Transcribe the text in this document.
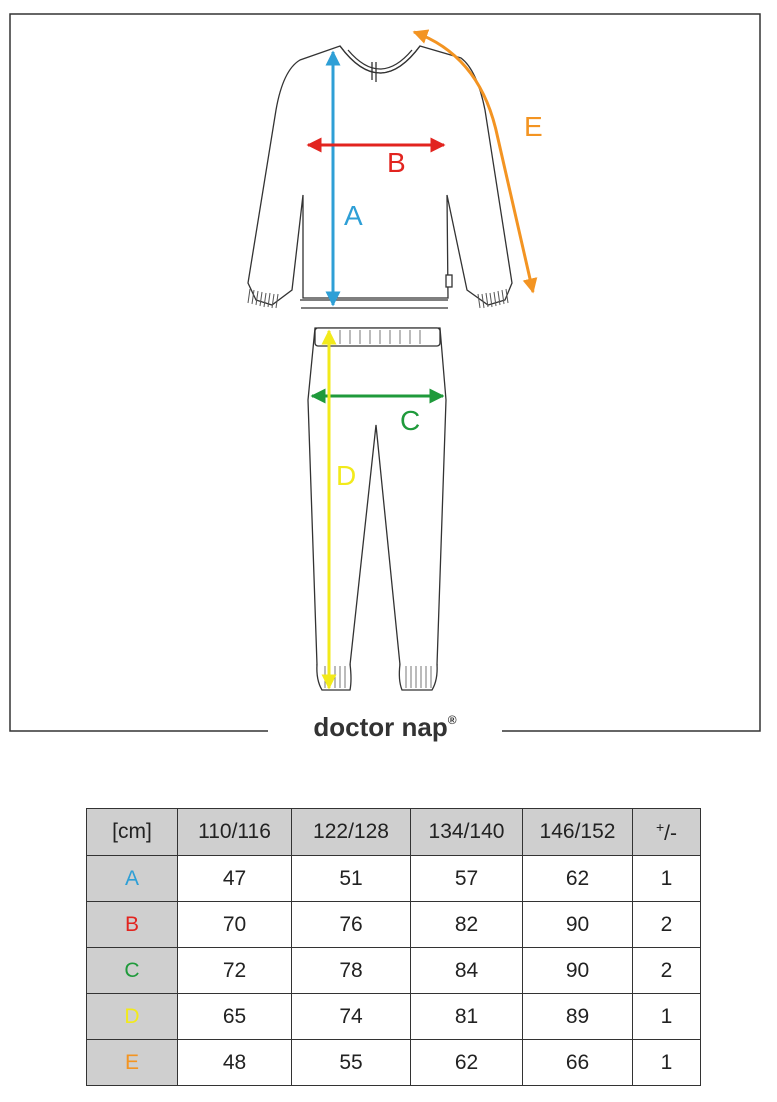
A
B
C
D
E
doctor nap®
[cm]	110/116	122/128	134/140	146/152	+/-
A	47	51	57	62	1
B	70	76	82	90	2
C	72	78	84	90	2
D	65	74	81	89	1
E	48	55	62	66	1
